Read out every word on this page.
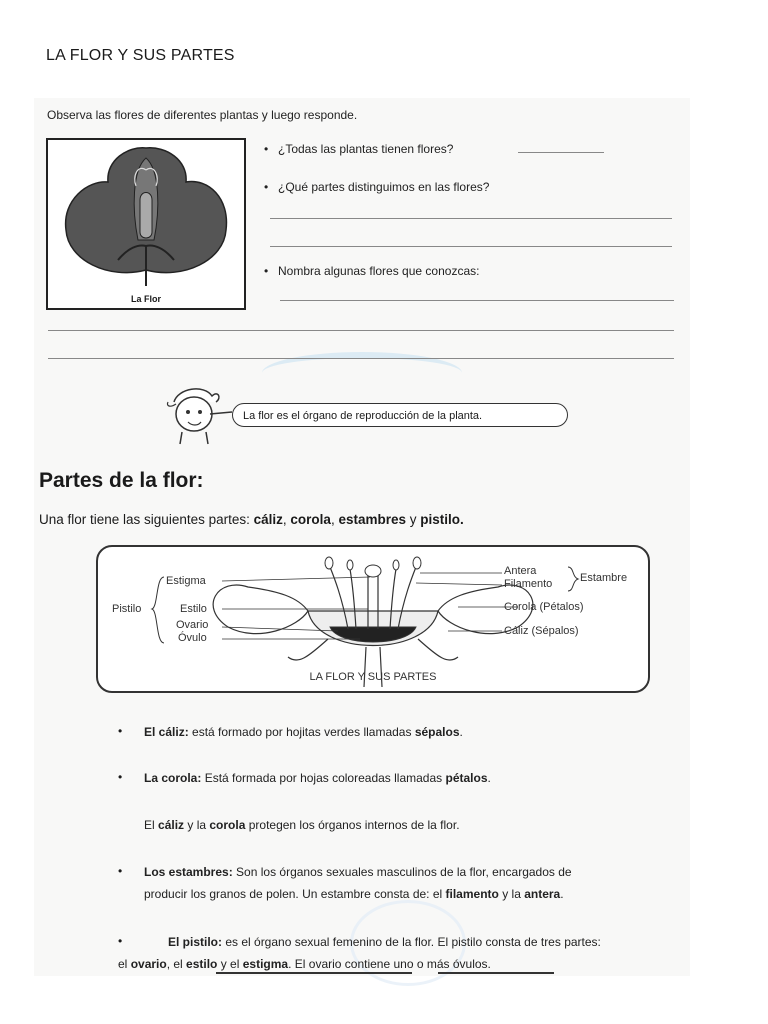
LA FLOR Y SUS PARTES
Observa las flores de diferentes plantas y luego responde.
La Flor
• ¿Todas las plantas tienen flores?
• ¿Qué partes distinguimos en las flores?
• Nombra algunas flores que conozcas:
La flor es el órgano de reproducción de la planta.
Partes de la flor:
Una flor tiene las siguientes partes: cáliz, corola, estambres y pistilo.
Estigma
Pistilo	Estilo
Ovario
Óvulo
Antera
Filamento	Estambre
Corola (Pétalos)
Cáliz (Sépalos)
LA FLOR Y SUS PARTES
• El cáliz: está formado por hojitas verdes llamadas sépalos.
• La corola: Está formada por hojas coloreadas llamadas pétalos.
El cáliz y la corola protegen los órganos internos de la flor.
• Los estambres: Son los órganos sexuales masculinos de la flor, encargados de
producir los granos de polen. Un estambre consta de: el filamento y la antera.
•	El pistilo: es el órgano sexual femenino de la flor. El pistilo consta de tres partes:
el ovario, el estilo y el estigma. El ovario contiene uno o más óvulos.
